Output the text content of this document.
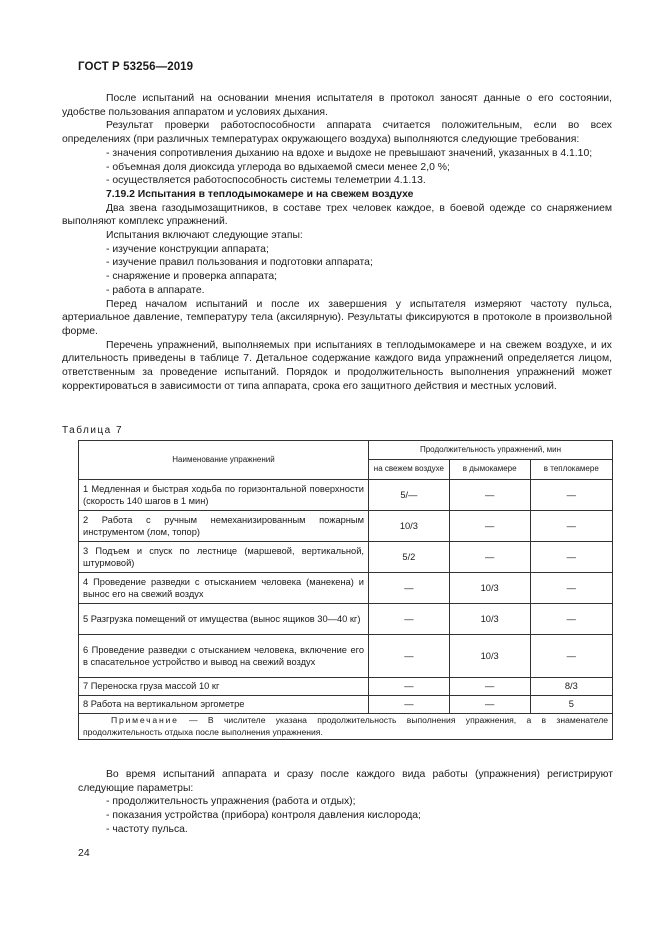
ГОСТ Р 53256—2019

После испытаний на основании мнения испытателя в протокол заносят данные о его состоянии, удобстве пользования аппаратом и условиях дыхания.

Результат проверки работоспособности аппарата считается положительным, если во всех определениях (при различных температурах окружающего воздуха) выполняются следующие требования:

- значения сопротивления дыханию на вдохе и выдохе не превышают значений, указанных в 4.1.10;

- объемная доля диоксида углерода во вдыхаемой смеси менее 2,0 %;

- осуществляется работоспособность системы телеметрии 4.1.13.

7.19.2 Испытания в теплодымокамере и на свежем воздухе

Два звена газодымозащитников, в составе трех человек каждое, в боевой одежде со снаряжением выполняют комплекс упражнений.

Испытания включают следующие этапы:

- изучение конструкции аппарата;

- изучение правил пользования и подготовки аппарата;

- снаряжение и проверка аппарата;

- работа в аппарате.

Перед началом испытаний и после их завершения у испытателя измеряют частоту пульса, артериальное давление, температуру тела (аксилярную). Результаты фиксируются в протоколе в произвольной форме.

Перечень упражнений, выполняемых при испытаниях в теплодымокамере и на свежем воздухе, и их длительность приведены в таблице 7. Детальное содержание каждого вида упражнений определяется лицом, ответственным за проведение испытаний. Порядок и продолжительность выполнения упражнений может корректироваться в зависимости от типа аппарата, срока его защитного действия и местных условий.

Таблица 7
Наименование упражнений	Продолжительность упражнений, мин		
	на свежем воздухе	в дымокамере	в теплокамере
1 Медленная и быстрая ходьба по горизонтальной поверхности (скорость 140 шагов в 1 мин)	5/—	—	—
2 Работа с ручным немеханизированным пожарным инструментом (лом, топор)	10/3	—	—
3 Подъем и спуск по лестнице (маршевой, вертикальной, штурмовой)	5/2	—	—
4 Проведение разведки с отысканием человека (манекена) и вынос его на свежий воздух	—	10/3	—
5 Разгрузка помещений от имущества (вынос ящиков 30—40 кг)	—	10/3	—
6 Проведение разведки с отысканием человека, включение его в спасательное устройство и вывод на свежий воздух	—	10/3	—
7 Переноска груза массой 10 кг	—	—	8/3
8 Работа на вертикальном эргометре	—	—	5
Примечание — В числителе указана продолжительность выполнения упражнения, а в знаменателе продолжительность отдыха после выполнения упражнения.			

Во время испытаний аппарата и сразу после каждого вида работы (упражнения) регистрируют следующие параметры:

- продолжительность упражнения (работа и отдых);

- показания устройства (прибора) контроля давления кислорода;

- частоту пульса.

24
